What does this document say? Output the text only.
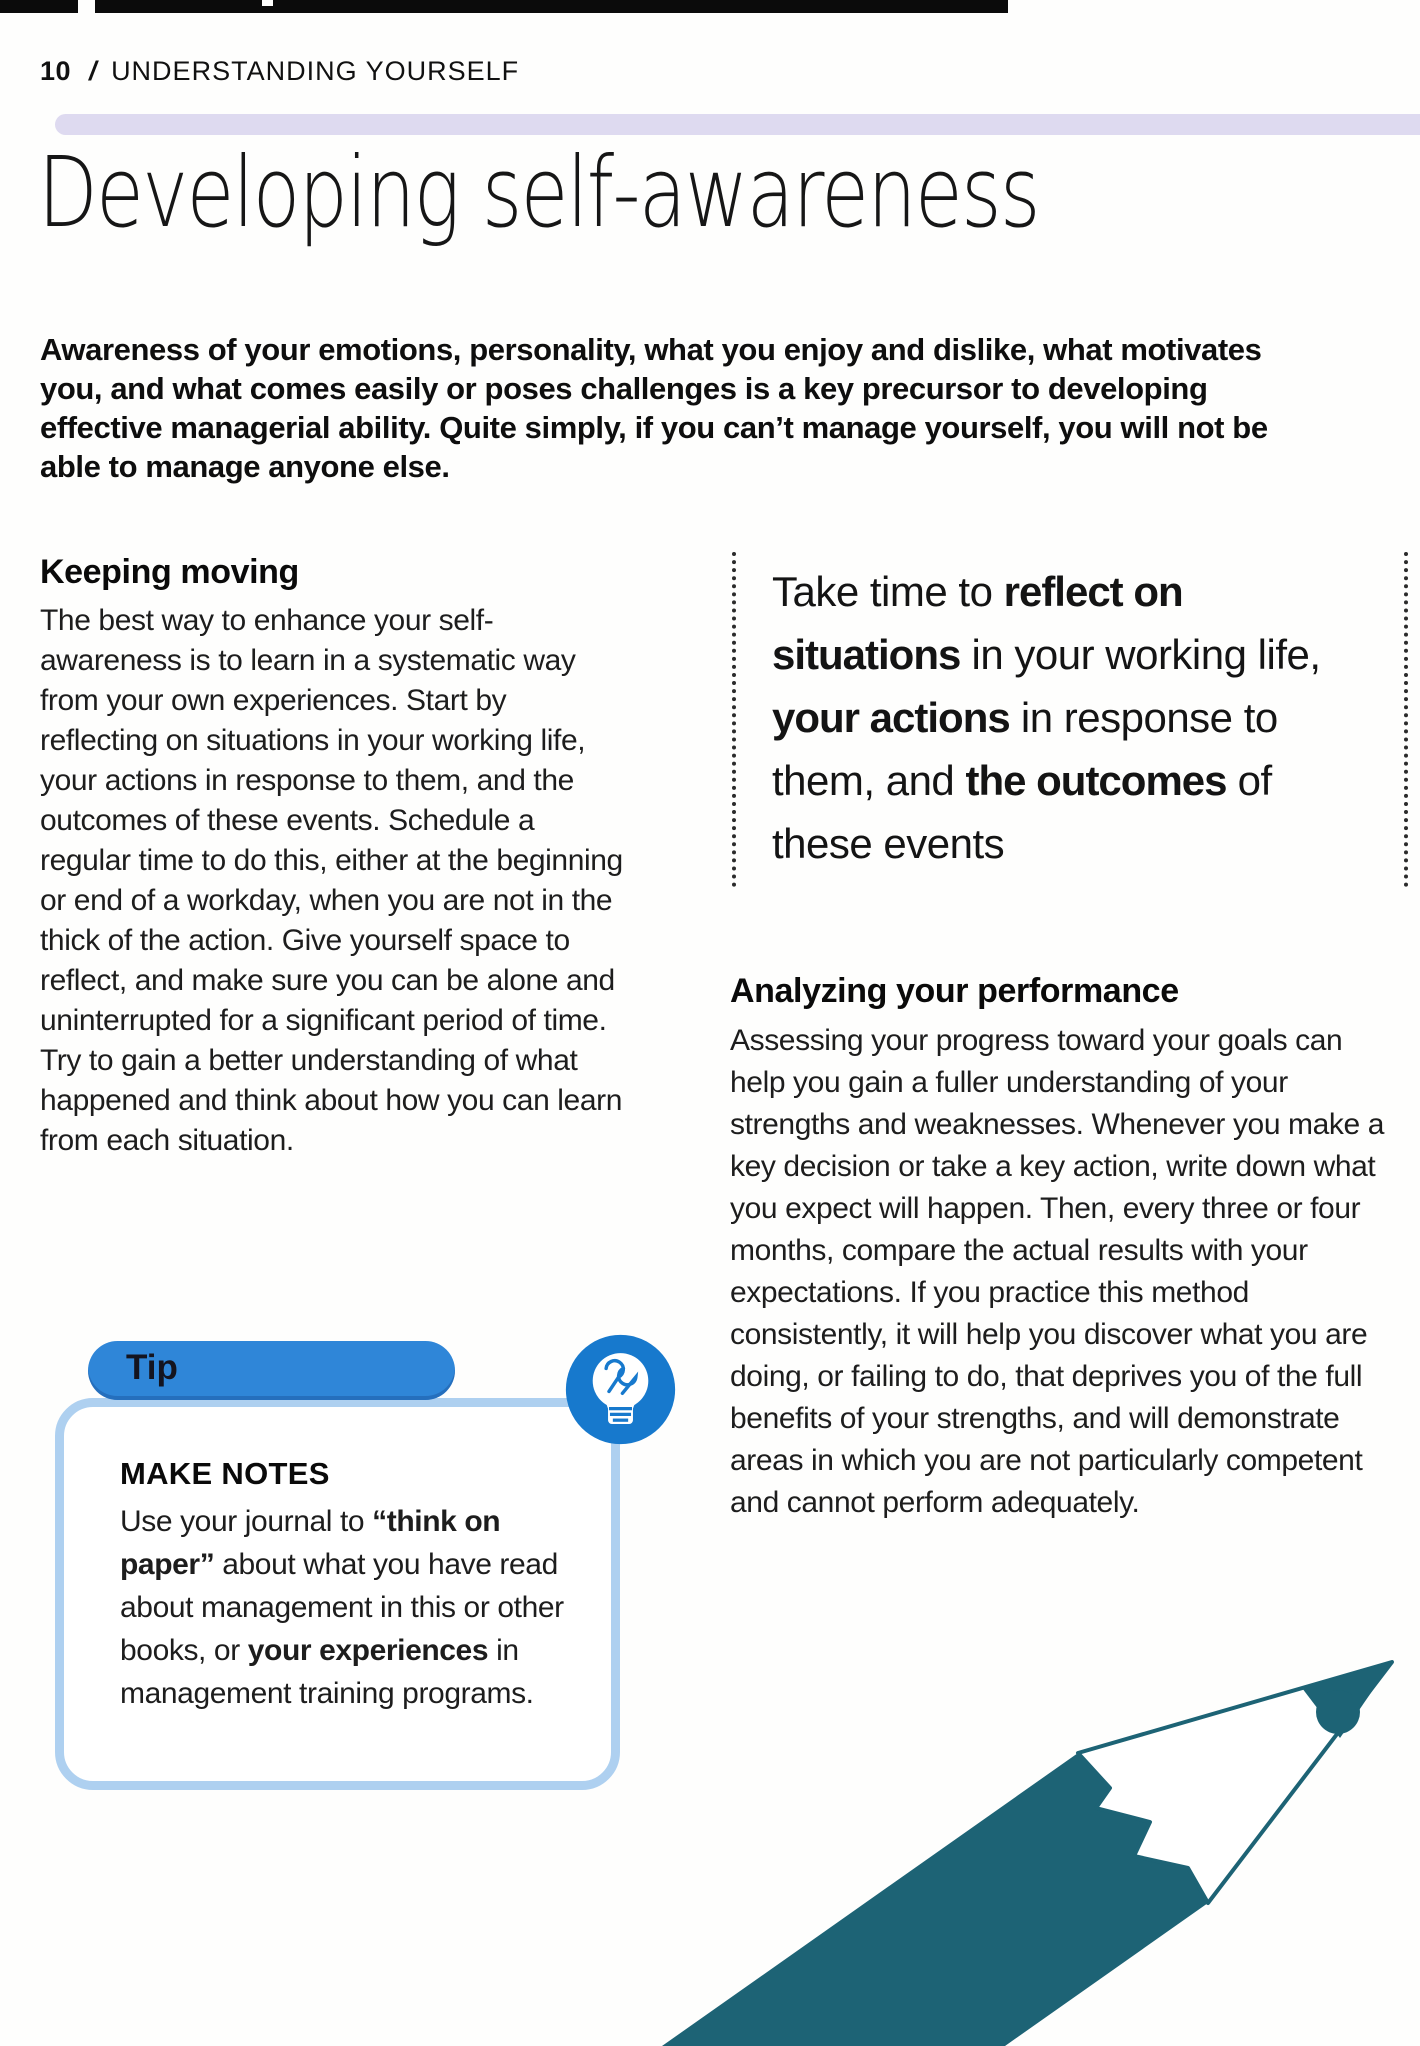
10 / UNDERSTANDING YOURSELF
Developing self-awareness
Awareness of your emotions, personality, what you enjoy and dislike, what motivates you, and what comes easily or poses challenges is a key precursor to developing effective managerial ability. Quite simply, if you can’t manage yourself, you will not be able to manage anyone else.
Keeping moving
The best way to enhance your self-awareness is to learn in a systematic way from your own experiences. Start by reflecting on situations in your working life, your actions in response to them, and the outcomes of these events. Schedule a regular time to do this, either at the beginning or end of a workday, when you are not in the thick of the action. Give yourself space to reflect, and make sure you can be alone and uninterrupted for a significant period of time. Try to gain a better understanding of what happened and think about how you can learn from each situation.
Take time to reflect on situations in your working life, your actions in response to them, and the outcomes of these events
Analyzing your performance
Assessing your progress toward your goals can help you gain a fuller understanding of your strengths and weaknesses. Whenever you make a key decision or take a key action, write down what you expect will happen. Then, every three or four months, compare the actual results with your expectations. If you practice this method consistently, it will help you discover what you are doing, or failing to do, that deprives you of the full benefits of your strengths, and will demonstrate areas in which you are not particularly competent and cannot perform adequately.
Tip
MAKE NOTES
Use your journal to “think on paper” about what you have read about management in this or other books, or your experiences in management training programs.
